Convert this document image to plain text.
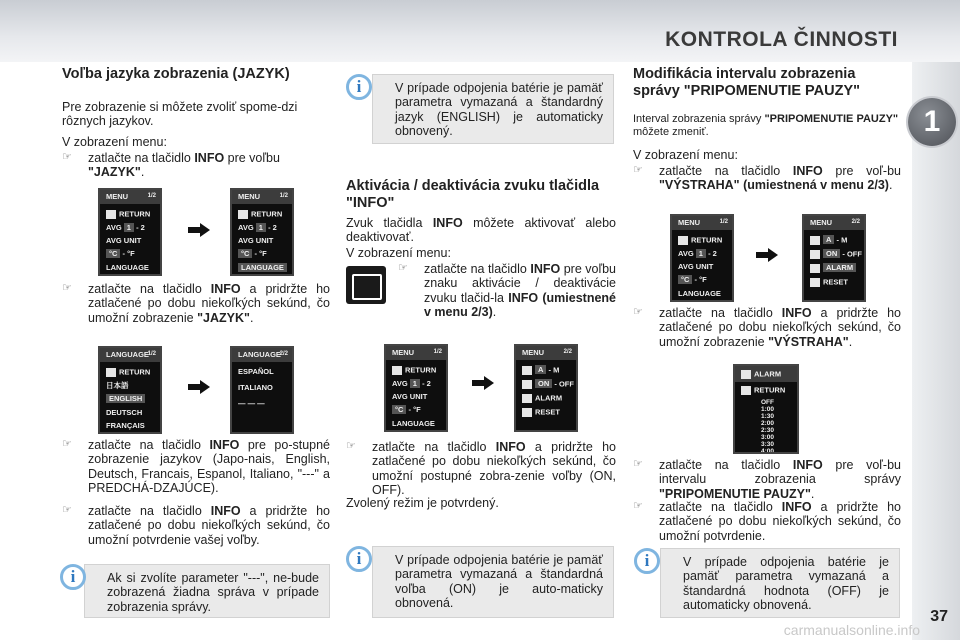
KONTROLA ČINNOSTI
1
Voľba jazyka zobrazenia (JAZYK)

Pre zobrazenie si môžete zvoliť spome-dzi rôznych jazykov.

V zobrazení menu:

☞ zatlačte na tlačidlo INFO pre voľbu "JAZYK".
MENU	1/2
RETURN
AVG 1 - 2
AVG UNIT
°C - °F
LANGUAGE
MENU	1/2
RETURN
AVG 1 - 2
AVG UNIT
°C - °F
LANGUAGE
☞ zatlačte na tlačidlo INFO a pridržte ho zatlačené po dobu niekoľkých sekúnd, čo umožní zobrazenie "JAZYK".
LANGUAGE
1/2
RETURN
日本語
ENGLISH
DEUTSCH
FRANÇAIS
LANGUAGE
2/2
ESPAÑOL
ITALIANO
— — —
☞ zatlačte na tlačidlo INFO pre po-stupné zobrazenie jazykov (Japo-nais, English, Deutsch, Francais, Espanol, Italiano, "---" a PREDCHÁ-DZAJÚCE).
☞ zatlačte na tlačidlo INFO a pridržte ho zatlačené po dobu niekoľkých sekúnd, čo umožní potvrdenie vašej voľby.
Ak si zvolíte parameter "---", ne-bude zobrazená žiadna správa v prípade zobrazenia správy.
i
V prípade odpojenia batérie je pamäť parametra vymazaná a štandardný jazyk (ENGLISH) je automaticky obnovený.
i
Aktivácia / deaktivácia zvuku tlačidla "INFO"

Zvuk tlačidla INFO môžete aktivovať alebo deaktivovať.

V zobrazení menu:

☞ zatlačte na tlačidlo INFO pre voľbu znaku aktivácie / deaktivácie zvuku tlačid-la INFO (umiestnené v menu 2/3).
MENU	1/2
RETURN
AVG 1 - 2
AVG UNIT
°C - °F
LANGUAGE
MENU	2/2
A - M
ON - OFF
ALARM
RESET
☞ zatlačte na tlačidlo INFO a pridržte ho zatlačené po dobu niekoľkých sekúnd, čo umožní postupné zobra-zenie voľby (ON, OFF).

Zvolený režim je potvrdený.

V prípade odpojenia batérie je pamäť parametra vymazaná a štandardná voľba (ON) je auto-maticky obnovená.
i
Modifikácia intervalu zobrazenia správy "PRIPOMENUTIE PAUZY"

Interval zobrazenia správy "PRIPOMENUTIE PAUZY" môžete zmeniť.

V zobrazení menu:

☞ zatlačte na tlačidlo INFO pre voľ-bu "VÝSTRAHA" (umiestnená v menu 2/3).
MENU	1/2
RETURN
AVG 1 - 2
AVG UNIT
°C - °F
LANGUAGE
MENU	2/2
A - M
ON - OFF
ALARM
RESET
☞ zatlačte na tlačidlo INFO a pridržte ho zatlačené po dobu niekoľkých sekúnd, čo umožní zobrazenie "VÝSTRAHA".
ALARM
RETURN
OFF
1:00
1:30
2:00
2:30
3:00
3:30
4:00
☞ zatlačte na tlačidlo INFO pre voľ-bu intervalu zobrazenia správy "PRIPOMENUTIE PAUZY".
☞ zatlačte na tlačidlo INFO a pridržte ho zatlačené po dobu niekoľkých sekúnd, čo umožní potvrdenie.
V prípade odpojenia batérie je pamäť parametra vymazaná a štandardná hodnota (OFF) je automaticky obnovená.
i
37
carmanualsonline.info
